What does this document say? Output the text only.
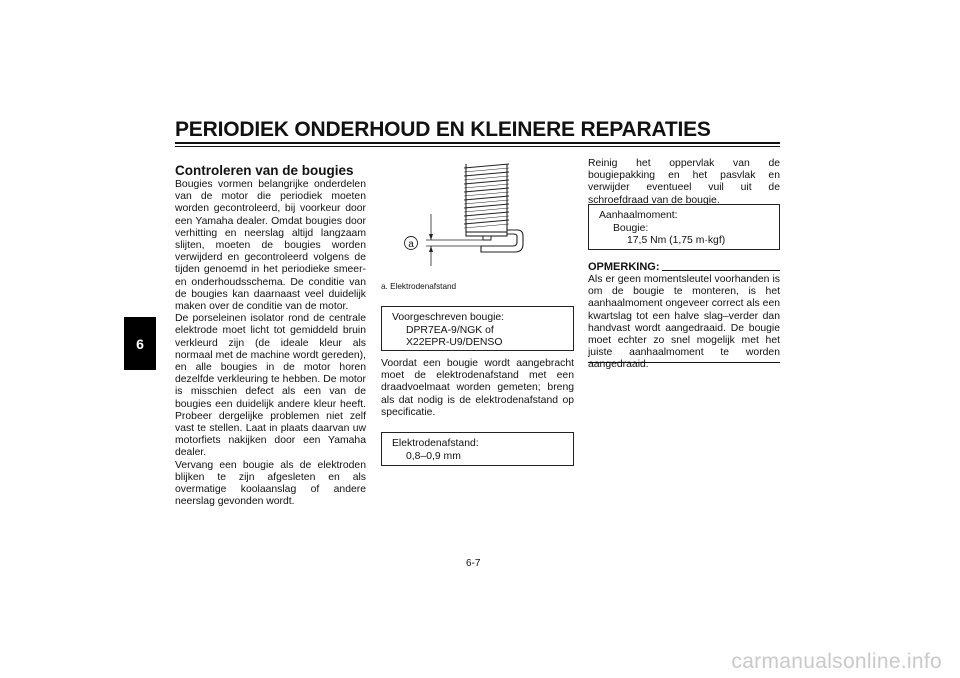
PERIODIEK ONDERHOUD EN KLEINERE REPARATIES
6
Controleren van de bougies

Bougies vormen belangrijke onderdelen van de motor die periodiek moeten worden gecontroleerd, bij voorkeur door een Yamaha dealer. Omdat bougies door verhitting en neerslag altijd langzaam slijten, moeten de bougies worden verwijderd en gecontroleerd volgens de tijden genoemd in het periodieke smeer- en onderhoudsschema. De conditie van de bougies kan daarnaast veel duidelijk maken over de conditie van de motor.

De porseleinen isolator rond de centrale elektrode moet licht tot gemiddeld bruin verkleurd zijn (de ideale kleur als normaal met de machine wordt gereden), en alle bougies in de motor horen dezelfde verkleuring te hebben. De motor is misschien defect als een van de bougies een duidelijk andere kleur heeft. Probeer dergelijke problemen niet zelf vast te stellen. Laat in plaats daarvan uw motorfiets nakijken door een Yamaha dealer.

Vervang een bougie als de elektroden blijken te zijn afgesleten en als overmatige koolaanslag of andere neerslag gevonden wordt.

a
a. Elektrodenafstand
Voorgeschreven bougie:
DPR7EA-9/NGK of
X22EPR-U9/DENSO

Voordat een bougie wordt aangebracht moet de elektrodenafstand met een draadvoelmaat worden gemeten; breng als dat nodig is de elektrodenafstand op specificatie.

Elektrodenafstand:
0,8–0,9 mm

Reinig het oppervlak van de bougiepakking en het pasvlak en verwijder eventueel vuil uit de schroefdraad van de bougie.

Aanhaalmoment:
Bougie:
17,5 Nm (1,75 m·kgf)
OPMERKING:

Als er geen momentsleutel voorhanden is om de bougie te monteren, is het aanhaalmoment ongeveer correct als een kwartslag tot een halve slag–verder dan handvast wordt aangedraaid. De bougie moet echter zo snel mogelijk met het juiste aanhaalmoment te worden aangedraaid.

6-7
carmanualsonline.info
